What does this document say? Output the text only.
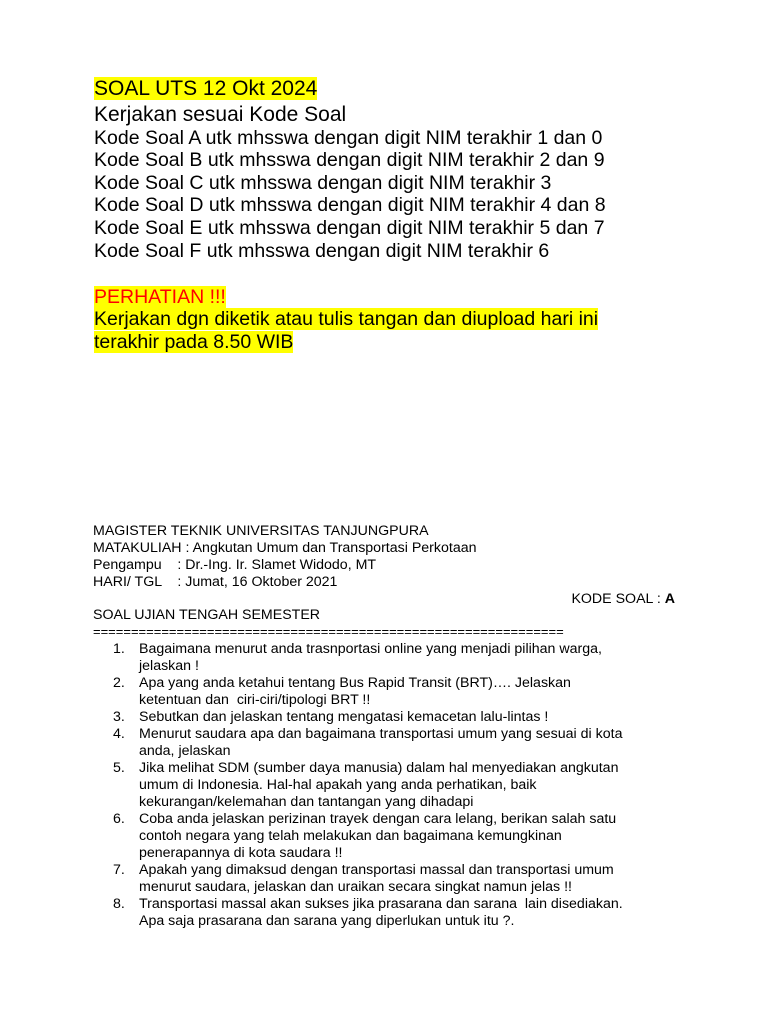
SOAL UTS 12 Okt 2024
Kerjakan sesuai Kode Soal
Kode Soal A utk mhsswa dengan digit NIM terakhir 1 dan 0
Kode Soal B utk mhsswa dengan digit NIM terakhir 2 dan 9
Kode Soal C utk mhsswa dengan digit NIM terakhir 3
Kode Soal D utk mhsswa dengan digit NIM terakhir 4 dan 8
Kode Soal E utk mhsswa dengan digit NIM terakhir 5 dan 7
Kode Soal F utk mhsswa dengan digit NIM terakhir 6
PERHATIAN !!!
Kerjakan dgn diketik atau tulis tangan dan diupload hari ini
terakhir pada 8.50 WIB
MAGISTER TEKNIK UNIVERSITAS TANJUNGPURA
MATAKULIAH : Angkutan Umum dan Transportasi Perkotaan
Pengampu    : Dr.-Ing. Ir. Slamet Widodo, MT
HARI/ TGL    : Jumat, 16 Oktober 2021
KODE SOAL : A
SOAL UJIAN TENGAH SEMESTER
==============================================================
1. Bagaimana menurut anda trasnportasi online yang menjadi pilihan warga,
jelaskan !
2. Apa yang anda ketahui tentang Bus Rapid Transit (BRT)…. Jelaskan
ketentuan dan  ciri-ciri/tipologi BRT !!
3. Sebutkan dan jelaskan tentang mengatasi kemacetan lalu-lintas !
4. Menurut saudara apa dan bagaimana transportasi umum yang sesuai di kota
anda, jelaskan
5. Jika melihat SDM (sumber daya manusia) dalam hal menyediakan angkutan
umum di Indonesia. Hal-hal apakah yang anda perhatikan, baik
kekurangan/kelemahan dan tantangan yang dihadapi
6. Coba anda jelaskan perizinan trayek dengan cara lelang, berikan salah satu
contoh negara yang telah melakukan dan bagaimana kemungkinan
penerapannya di kota saudara !!
7. Apakah yang dimaksud dengan transportasi massal dan transportasi umum
menurut saudara, jelaskan dan uraikan secara singkat namun jelas !!
8. Transportasi massal akan sukses jika prasarana dan sarana  lain disediakan.
Apa saja prasarana dan sarana yang diperlukan untuk itu ?.
